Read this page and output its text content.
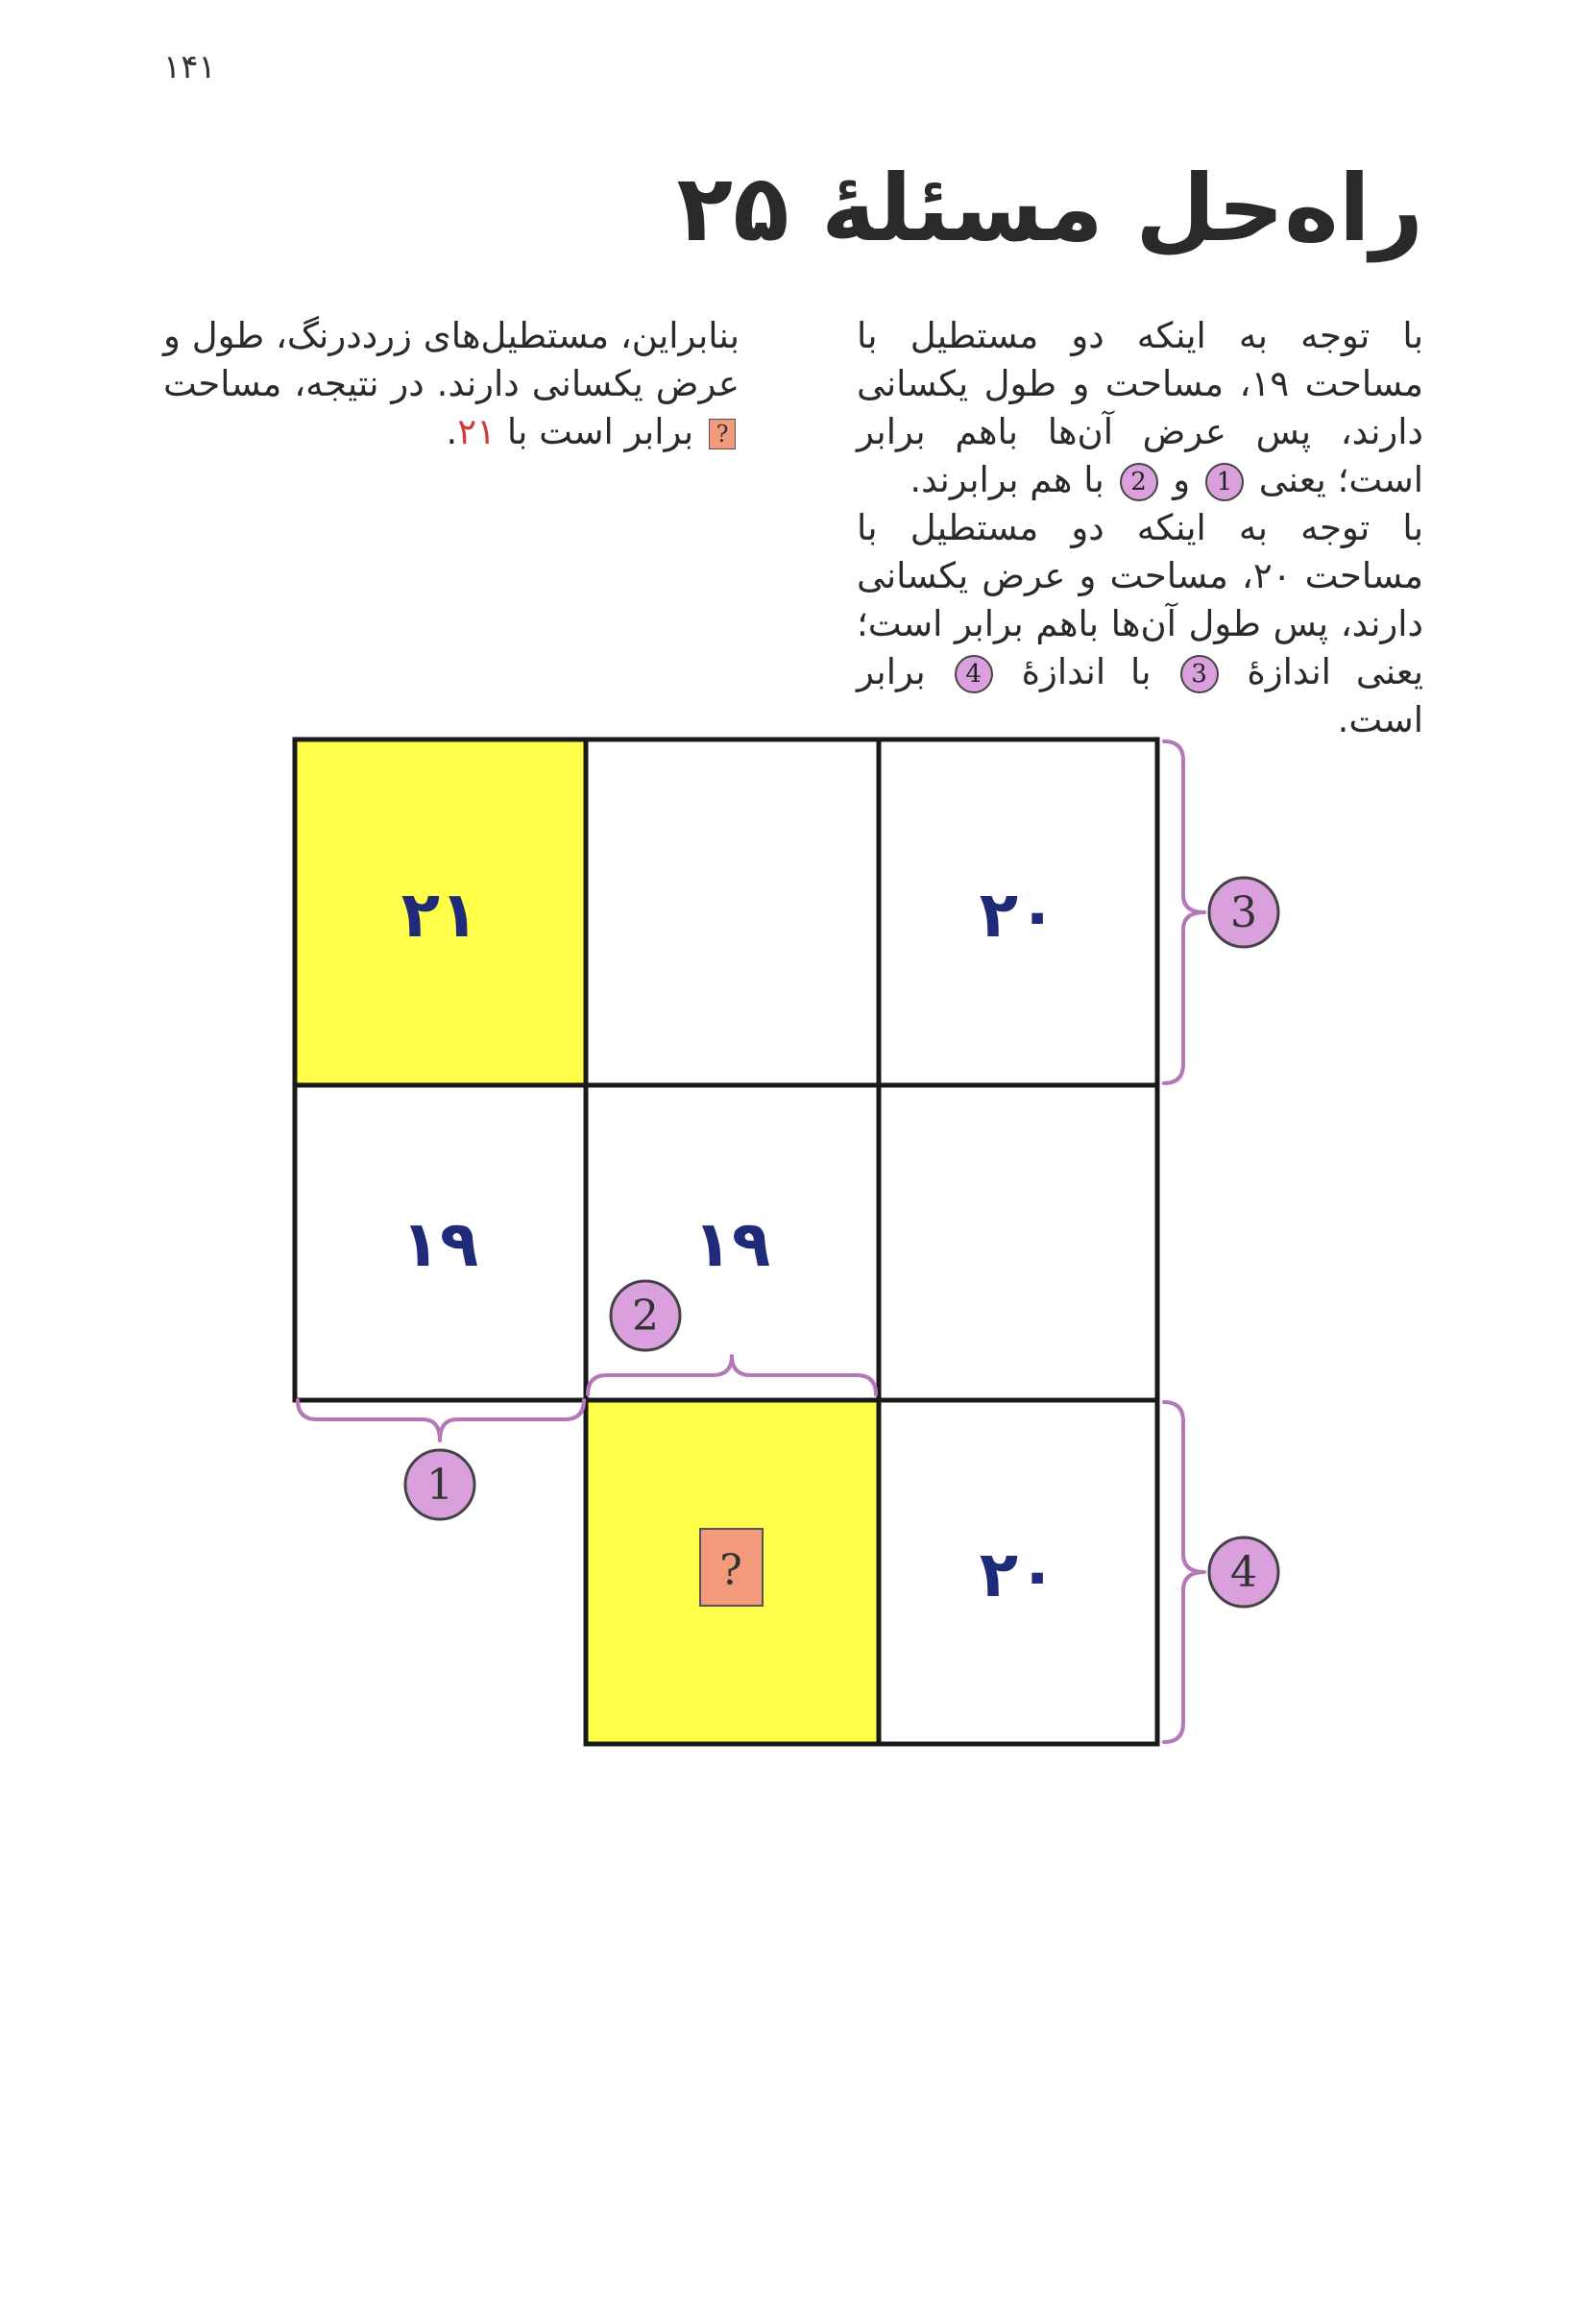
۱۴۱
راه‌حل مسئلهٔ ۲۵

با توجه به اینکه دو مستطیل با مساحت ۱۹، مساحت و طول یکسانی دارند، پس عرض آن‌ها باهم برابر است؛ یعنی 1 و 2 با هم برابرند.

با توجه به اینکه دو مستطیل با مساحت ۲۰، مساحت و عرض یکسانی دارند، پس طول آن‌ها باهم برابر است؛ یعنی اندازهٔ 3 با اندازهٔ 4 برابر است.

بنابراین، مستطیل‌های زرددرنگ، طول و عرض یکسانی دارند. در نتیجه، مساحت ? برابر است با ۲۱.

۲۱	۲۰
۱۹	۱۹
۲۰
?
1
2
3
4
